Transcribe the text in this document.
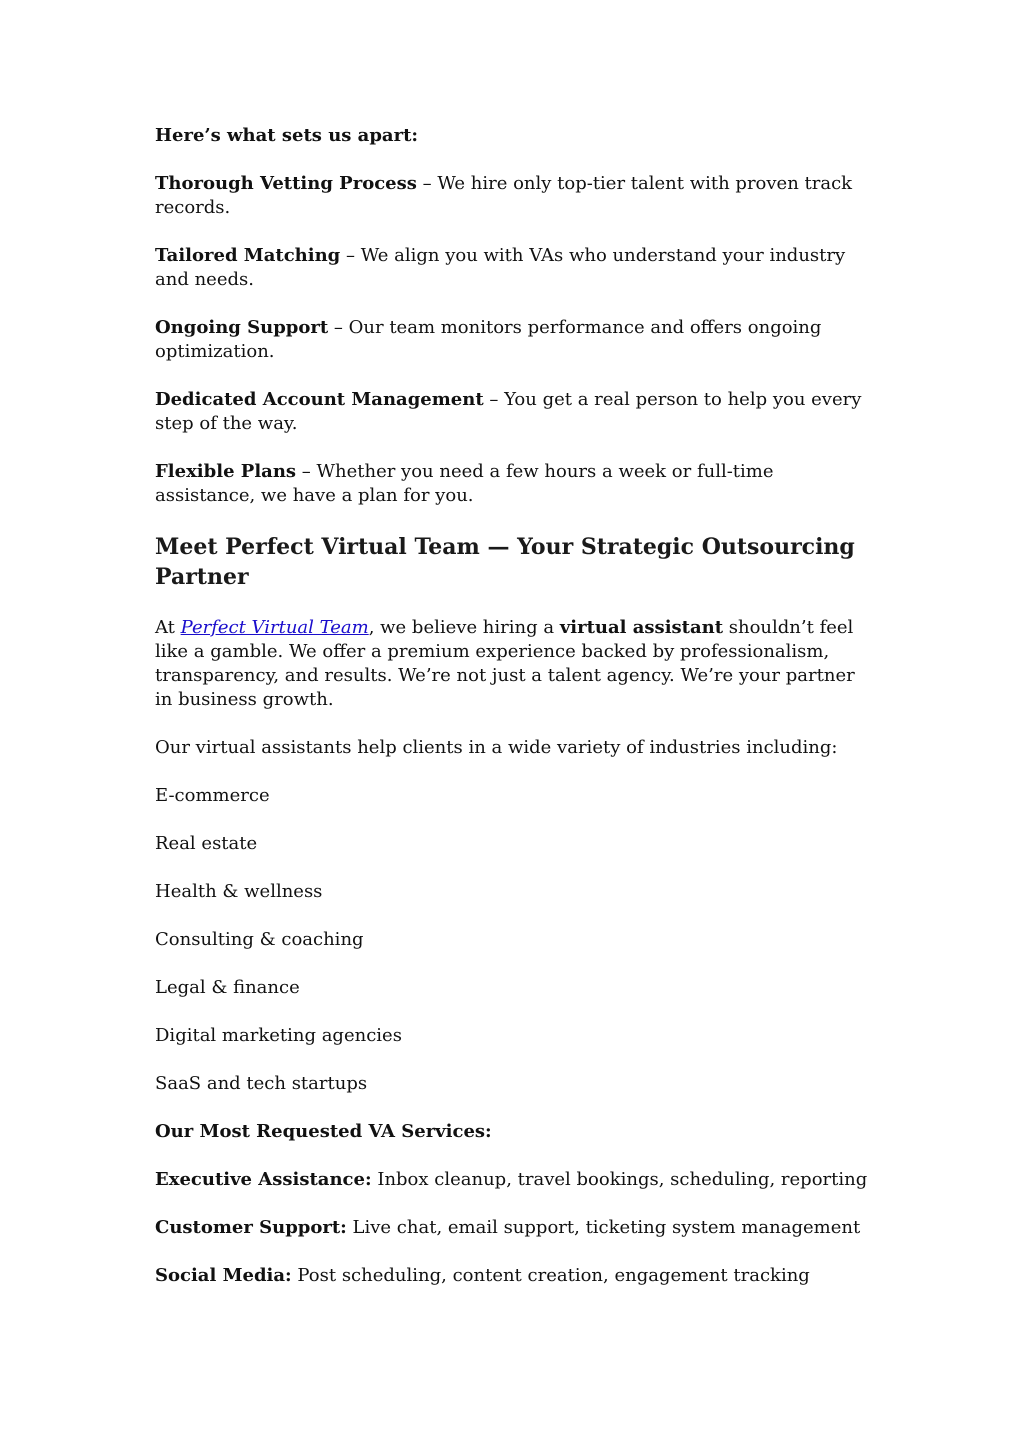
Here’s what sets us apart:

Thorough Vetting Process – We hire only top-tier talent with proven track records.

Tailored Matching – We align you with VAs who understand your industry and needs.

Ongoing Support – Our team monitors performance and offers ongoing optimization.

Dedicated Account Management – You get a real person to help you every step of the way.

Flexible Plans – Whether you need a few hours a week or full-time assistance, we have a plan for you.

Meet Perfect Virtual Team — Your Strategic Outsourcing Partner

At Perfect Virtual Team, we believe hiring a virtual assistant shouldn’t feel like a gamble. We offer a premium experience backed by professionalism, transparency, and results. We’re not just a talent agency. We’re your partner in business growth.

Our virtual assistants help clients in a wide variety of industries including:

E-commerce

Real estate

Health & wellness

Consulting & coaching

Legal & finance

Digital marketing agencies

SaaS and tech startups

Our Most Requested VA Services:

Executive Assistance: Inbox cleanup, travel bookings, scheduling, reporting

Customer Support: Live chat, email support, ticketing system management

Social Media: Post scheduling, content creation, engagement tracking
